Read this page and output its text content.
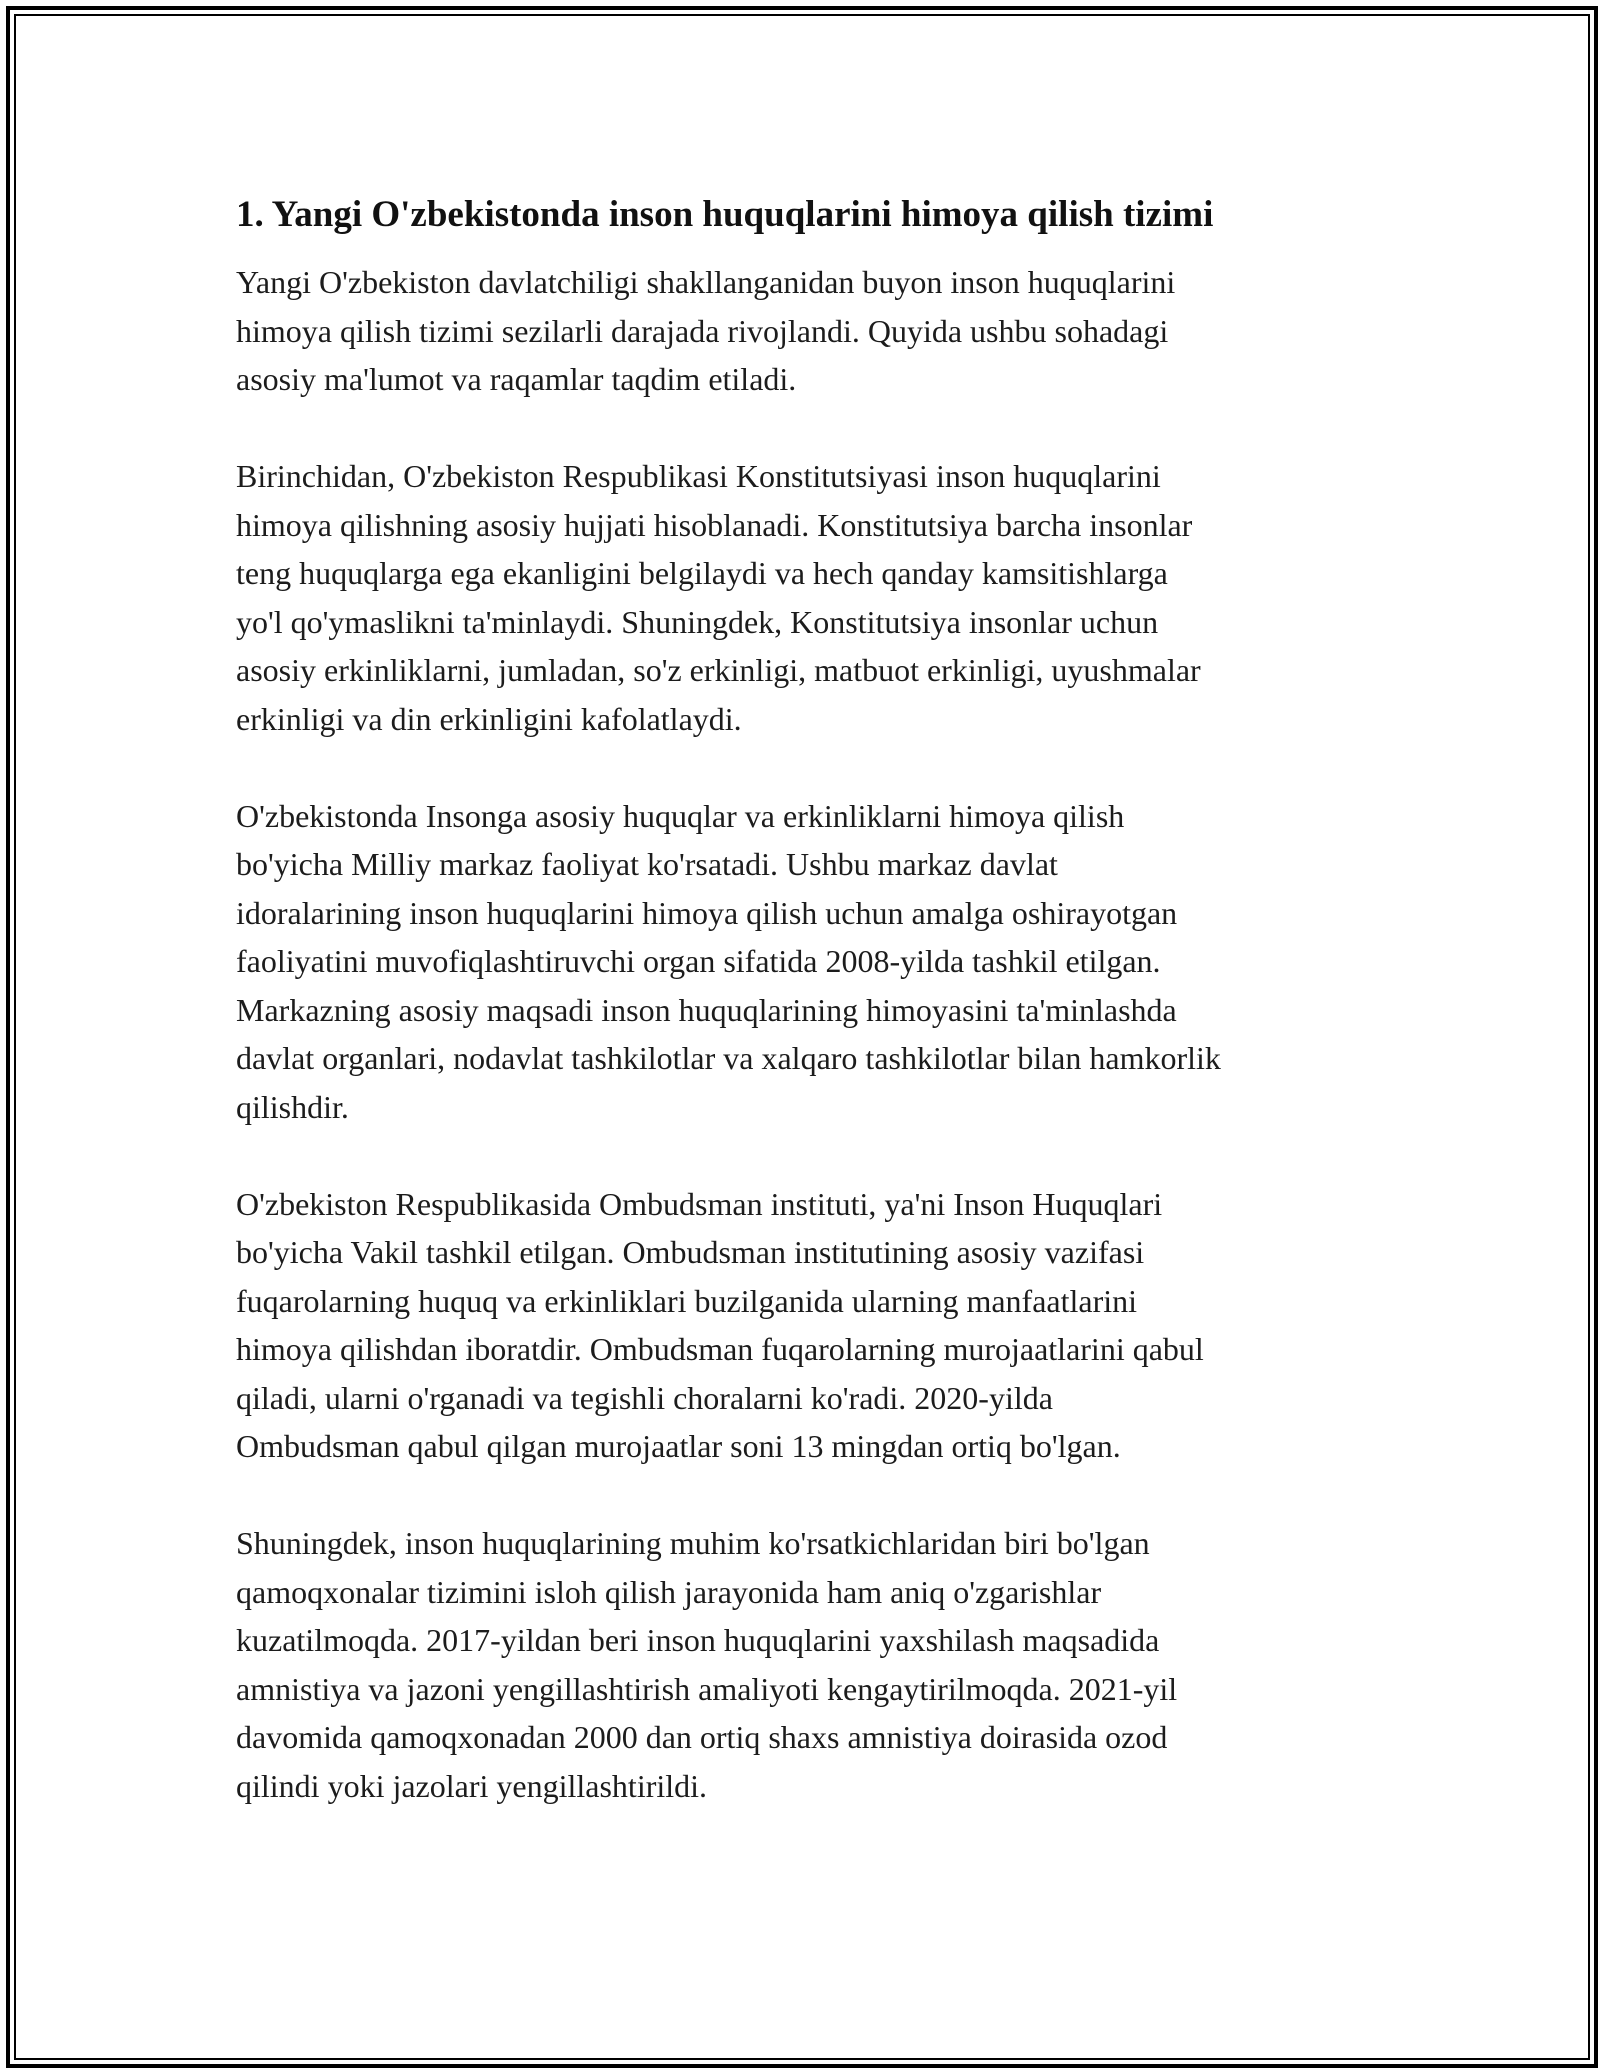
1. Yangi O'zbekistonda inson huquqlarini himoya qilish tizimi

Yangi O'zbekiston davlatchiligi shakllanganidan buyon inson huquqlarini
himoya qilish tizimi sezilarli darajada rivojlandi. Quyida ushbu sohadagi
asosiy ma'lumot va raqamlar taqdim etiladi.

Birinchidan, O'zbekiston Respublikasi Konstitutsiyasi inson huquqlarini
himoya qilishning asosiy hujjati hisoblanadi. Konstitutsiya barcha insonlar
teng huquqlarga ega ekanligini belgilaydi va hech qanday kamsitishlarga
yo'l qo'ymaslikni ta'minlaydi. Shuningdek, Konstitutsiya insonlar uchun
asosiy erkinliklarni, jumladan, so'z erkinligi, matbuot erkinligi, uyushmalar
erkinligi va din erkinligini kafolatlaydi.

O'zbekistonda Insonga asosiy huquqlar va erkinliklarni himoya qilish
bo'yicha Milliy markaz faoliyat ko'rsatadi. Ushbu markaz davlat
idoralarining inson huquqlarini himoya qilish uchun amalga oshirayotgan
faoliyatini muvofiqlashtiruvchi organ sifatida 2008-yilda tashkil etilgan.
Markazning asosiy maqsadi inson huquqlarining himoyasini ta'minlashda
davlat organlari, nodavlat tashkilotlar va xalqaro tashkilotlar bilan hamkorlik
qilishdir.

O'zbekiston Respublikasida Ombudsman instituti, ya'ni Inson Huquqlari
bo'yicha Vakil tashkil etilgan. Ombudsman institutining asosiy vazifasi
fuqarolarning huquq va erkinliklari buzilganida ularning manfaatlarini
himoya qilishdan iboratdir. Ombudsman fuqarolarning murojaatlarini qabul
qiladi, ularni o'rganadi va tegishli choralarni ko'radi. 2020-yilda
Ombudsman qabul qilgan murojaatlar soni 13 mingdan ortiq bo'lgan.

Shuningdek, inson huquqlarining muhim ko'rsatkichlaridan biri bo'lgan
qamoqxonalar tizimini isloh qilish jarayonida ham aniq o'zgarishlar
kuzatilmoqda. 2017-yildan beri inson huquqlarini yaxshilash maqsadida
amnistiya va jazoni yengillashtirish amaliyoti kengaytirilmoqda. 2021-yil
davomida qamoqxonadan 2000 dan ortiq shaxs amnistiya doirasida ozod
qilindi yoki jazolari yengillashtirildi.
